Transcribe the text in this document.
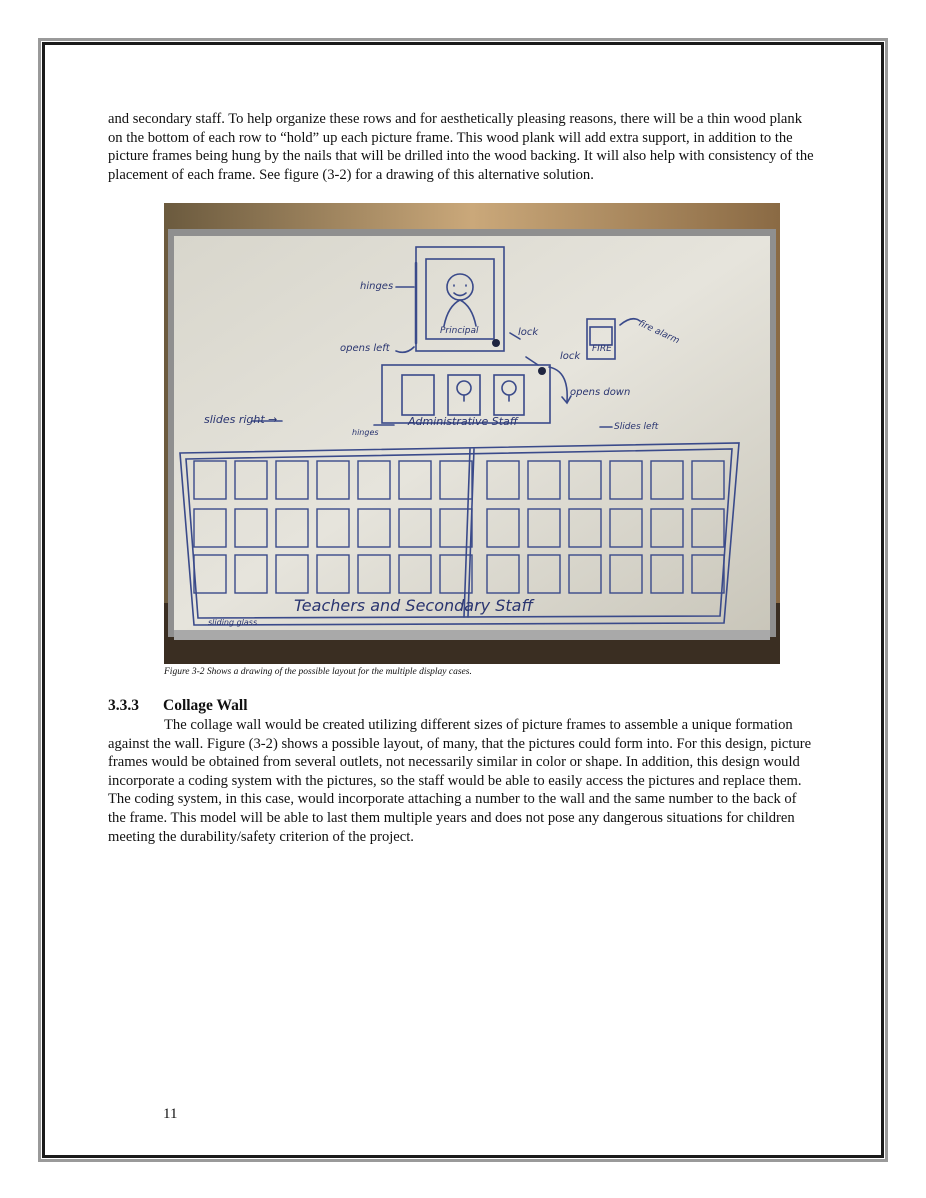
and secondary staff. To help organize these rows and for aesthetically pleasing reasons, there will be a thin wood plank on the bottom of each row to “hold” up each picture frame. This wood plank will add extra support, in addition to the picture frames being hung by the nails that will be drilled into the wood backing. It will also help with consistency of the placement of each frame. See figure (3-2) for a drawing of this alternative solution.

hinges
Principal	lock
opens left	FIRE
fire alarm
lock
opens down
Administrative Staff
slides right →
hinges
Slides left
Teachers and Secondary Staff
sliding glass
Figure 3-2 Shows a drawing of the possible layout for the multiple display cases.
3.3.3 Collage Wall

The collage wall would be created utilizing different sizes of picture frames to assemble a unique formation against the wall. Figure (3-2) shows a possible layout, of many, that the pictures could form into. For this design, picture frames would be obtained from several outlets, not necessarily similar in color or shape. In addition, this design would incorporate a coding system with the pictures, so the staff would be able to easily access the pictures and replace them. The coding system, in this case, would incorporate attaching a number to the wall and the same number to the back of the frame. This model will be able to last them multiple years and does not pose any dangerous situations for children meeting the durability/safety criterion of the project.

11
